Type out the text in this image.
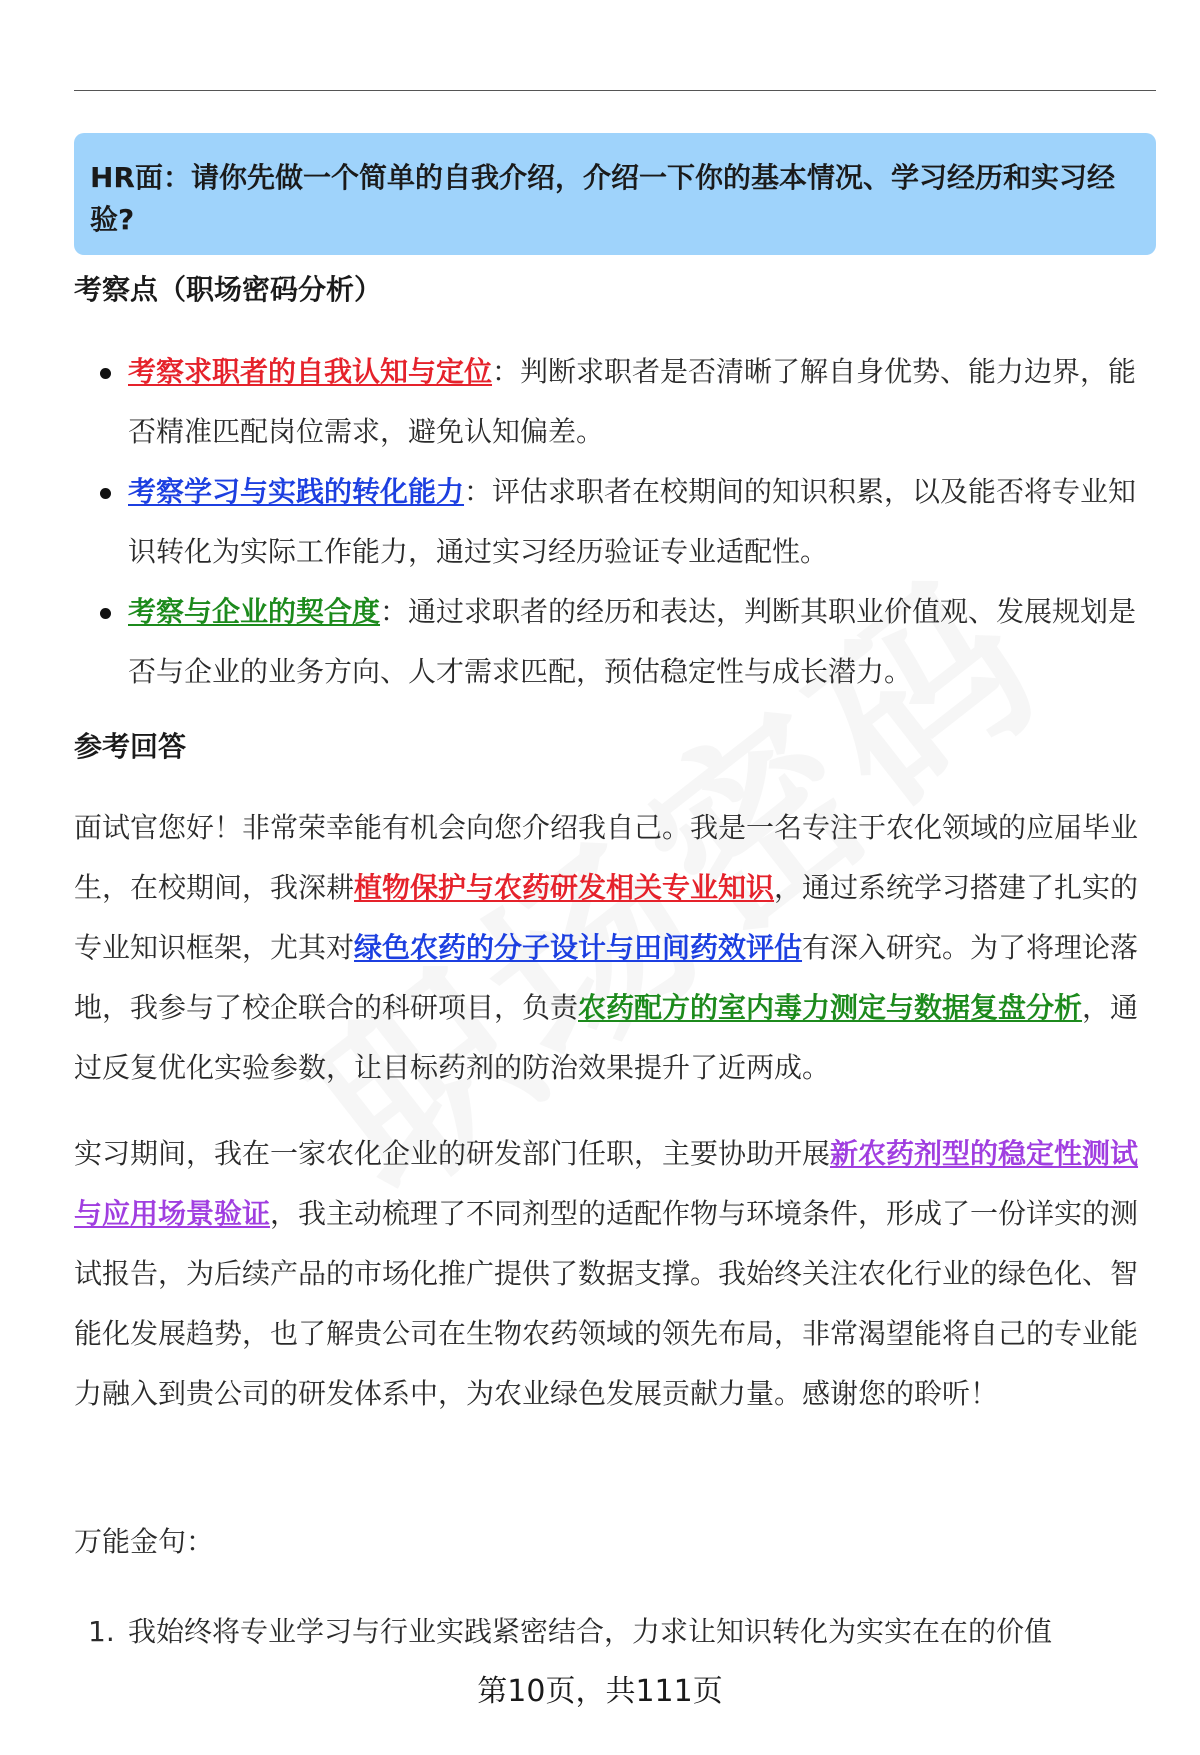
HR面：请你先做一个简单的自我介绍，介绍一下你的基本情况、学习经历和实习经验?

考察点（职场密码分析）
考察求职者的自我认知与定位：判断求职者是否清晰了解自身优势、能力边界，能否精准匹配岗位需求，避免认知偏差。
考察学习与实践的转化能力：评估求职者在校期间的知识积累，以及能否将专业知识转化为实际工作能力，通过实习经历验证专业适配性。
考察与企业的契合度：通过求职者的经历和表达，判断其职业价值观、发展规划是否与企业的业务方向、人才需求匹配，预估稳定性与成长潜力。
参考回答

面试官您好！非常荣幸能有机会向您介绍我自己。我是一名专注于农化领域的应届毕业生，在校期间，我深耕植物保护与农药研发相关专业知识，通过系统学习搭建了扎实的专业知识框架，尤其对绿色农药的分子设计与田间药效评估有深入研究。为了将理论落地，我参与了校企联合的科研项目，负责农药配方的室内毒力测定与数据复盘分析，通过反复优化实验参数，让目标药剂的防治效果提升了近两成。

实习期间，我在一家农化企业的研发部门任职，主要协助开展新农药剂型的稳定性测试与应用场景验证，我主动梳理了不同剂型的适配作物与环境条件，形成了一份详实的测试报告，为后续产品的市场化推广提供了数据支撑。我始终关注农化行业的绿色化、智能化发展趋势，也了解贵公司在生物农药领域的领先布局，非常渴望能将自己的专业能力融入到贵公司的研发体系中，为农业绿色发展贡献力量。感谢您的聆听！

万能金句：

1. 我始终将专业学习与行业实践紧密结合，力求让知识转化为实实在在的价值
第10页，共111页
